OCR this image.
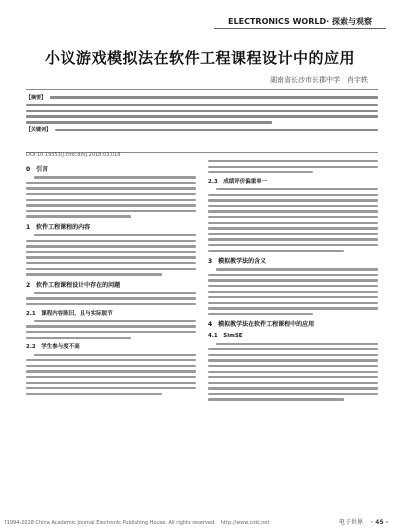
ELECTRONICS WORLD · 探索与观察
小议游戏模拟法在软件工程课程设计中的应用
湖南省长沙市长郡中学　肖宇轶
【摘要】
【关键词】
DOI:10.19353/j.cnki.dzsj.2018.03.018
0　引言
1　软件工程课程的内容
2　软件工程课程设计中存在的问题
2.1　课程内容陈旧，且与实际脱节
2.2　学生参与度不高
2.3　成绩评价偏重单一
3　模拟教学法的含义
4　模拟教学法在软件工程课程中的应用
4.1　SimSE
?1994-2018 China Academic Journal Electronic Publishing House. All rights reserved.　http://www.cnki.net	电子世界 · 45 ·
